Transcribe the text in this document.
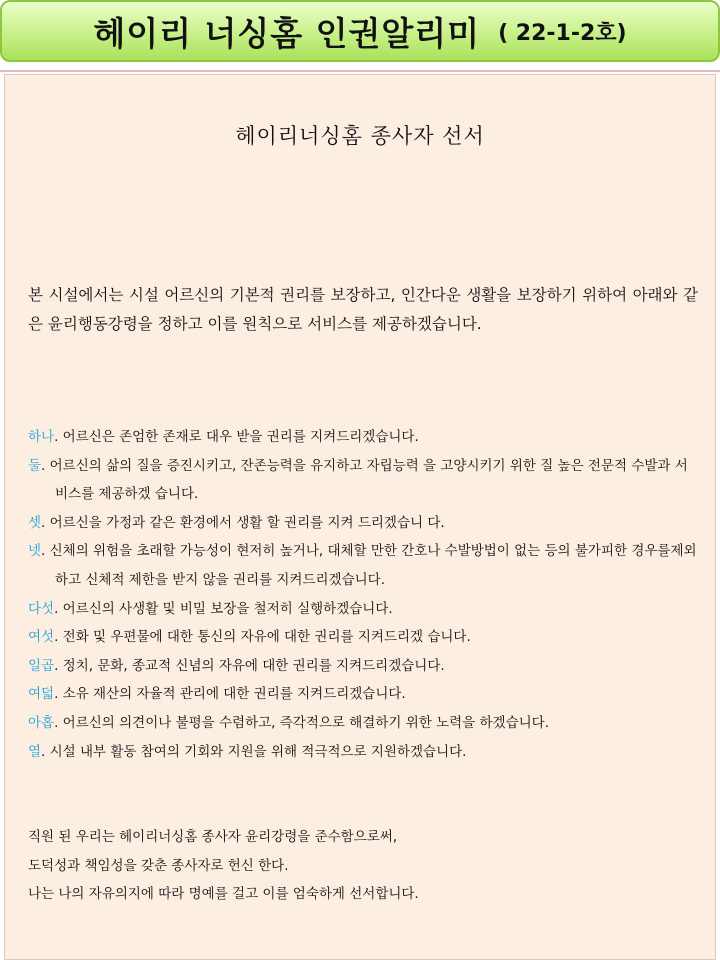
헤이리 너싱홈 인권알리미 ( 22-1-2호)
헤이리너싱홈 종사자 선서

본 시설에서는 시설 어르신의 기본적 권리를 보장하고, 인간다운 생활을 보장하기 위하여 아래와 같은 윤리행동강령을 정하고 이를 원칙으로 서비스를 제공하겠습니다.

하나. 어르신은 존엄한 존재로 대우 받을 권리를 지켜드리겠습니다.
둘. 어르신의 삶의 질을 증진시키고, 잔존능력을 유지하고 자립능력 을 고양시키기 위한 질 높은 전문적 수발과 서비스를 제공하겠 습니다.
셋. 어르신을 가정과 같은 환경에서 생활 할 권리를 지켜 드리겠습니 다.
넷. 신체의 위험을 초래할 가능성이 현저히 높거나, 대체할 만한 간호나 수발방법이 없는 등의 불가피한 경우를제외하고 신체적 제한을 받지 않을 권리를 지켜드리겠습니다.
다섯. 어르신의 사생활 및 비밀 보장을 철저히 실행하겠습니다.
여섯. 전화 및 우편물에 대한 통신의 자유에 대한 권리를 지켜드리겠 습니다.
일곱. 정치, 문화, 종교적 신념의 자유에 대한 권리를 지켜드리겠습니다.
여덟. 소유 재산의 자율적 관리에 대한 권리를 지켜드리겠습니다.
아홉. 어르신의 의견이나 불평을 수렴하고, 즉각적으로 해결하기 위한 노력을 하겠습니다.
열. 시설 내부 활동 참여의 기회와 지원을 위해 적극적으로 지원하겠습니다.

직원 된 우리는 헤이리너싱홈 종사자 윤리강령을 준수함으로써,

도덕성과 책임성을 갖춘 종사자로 헌신 한다.

나는 나의 자유의지에 따라 명예를 걸고 이를 엄숙하게 선서합니다.
